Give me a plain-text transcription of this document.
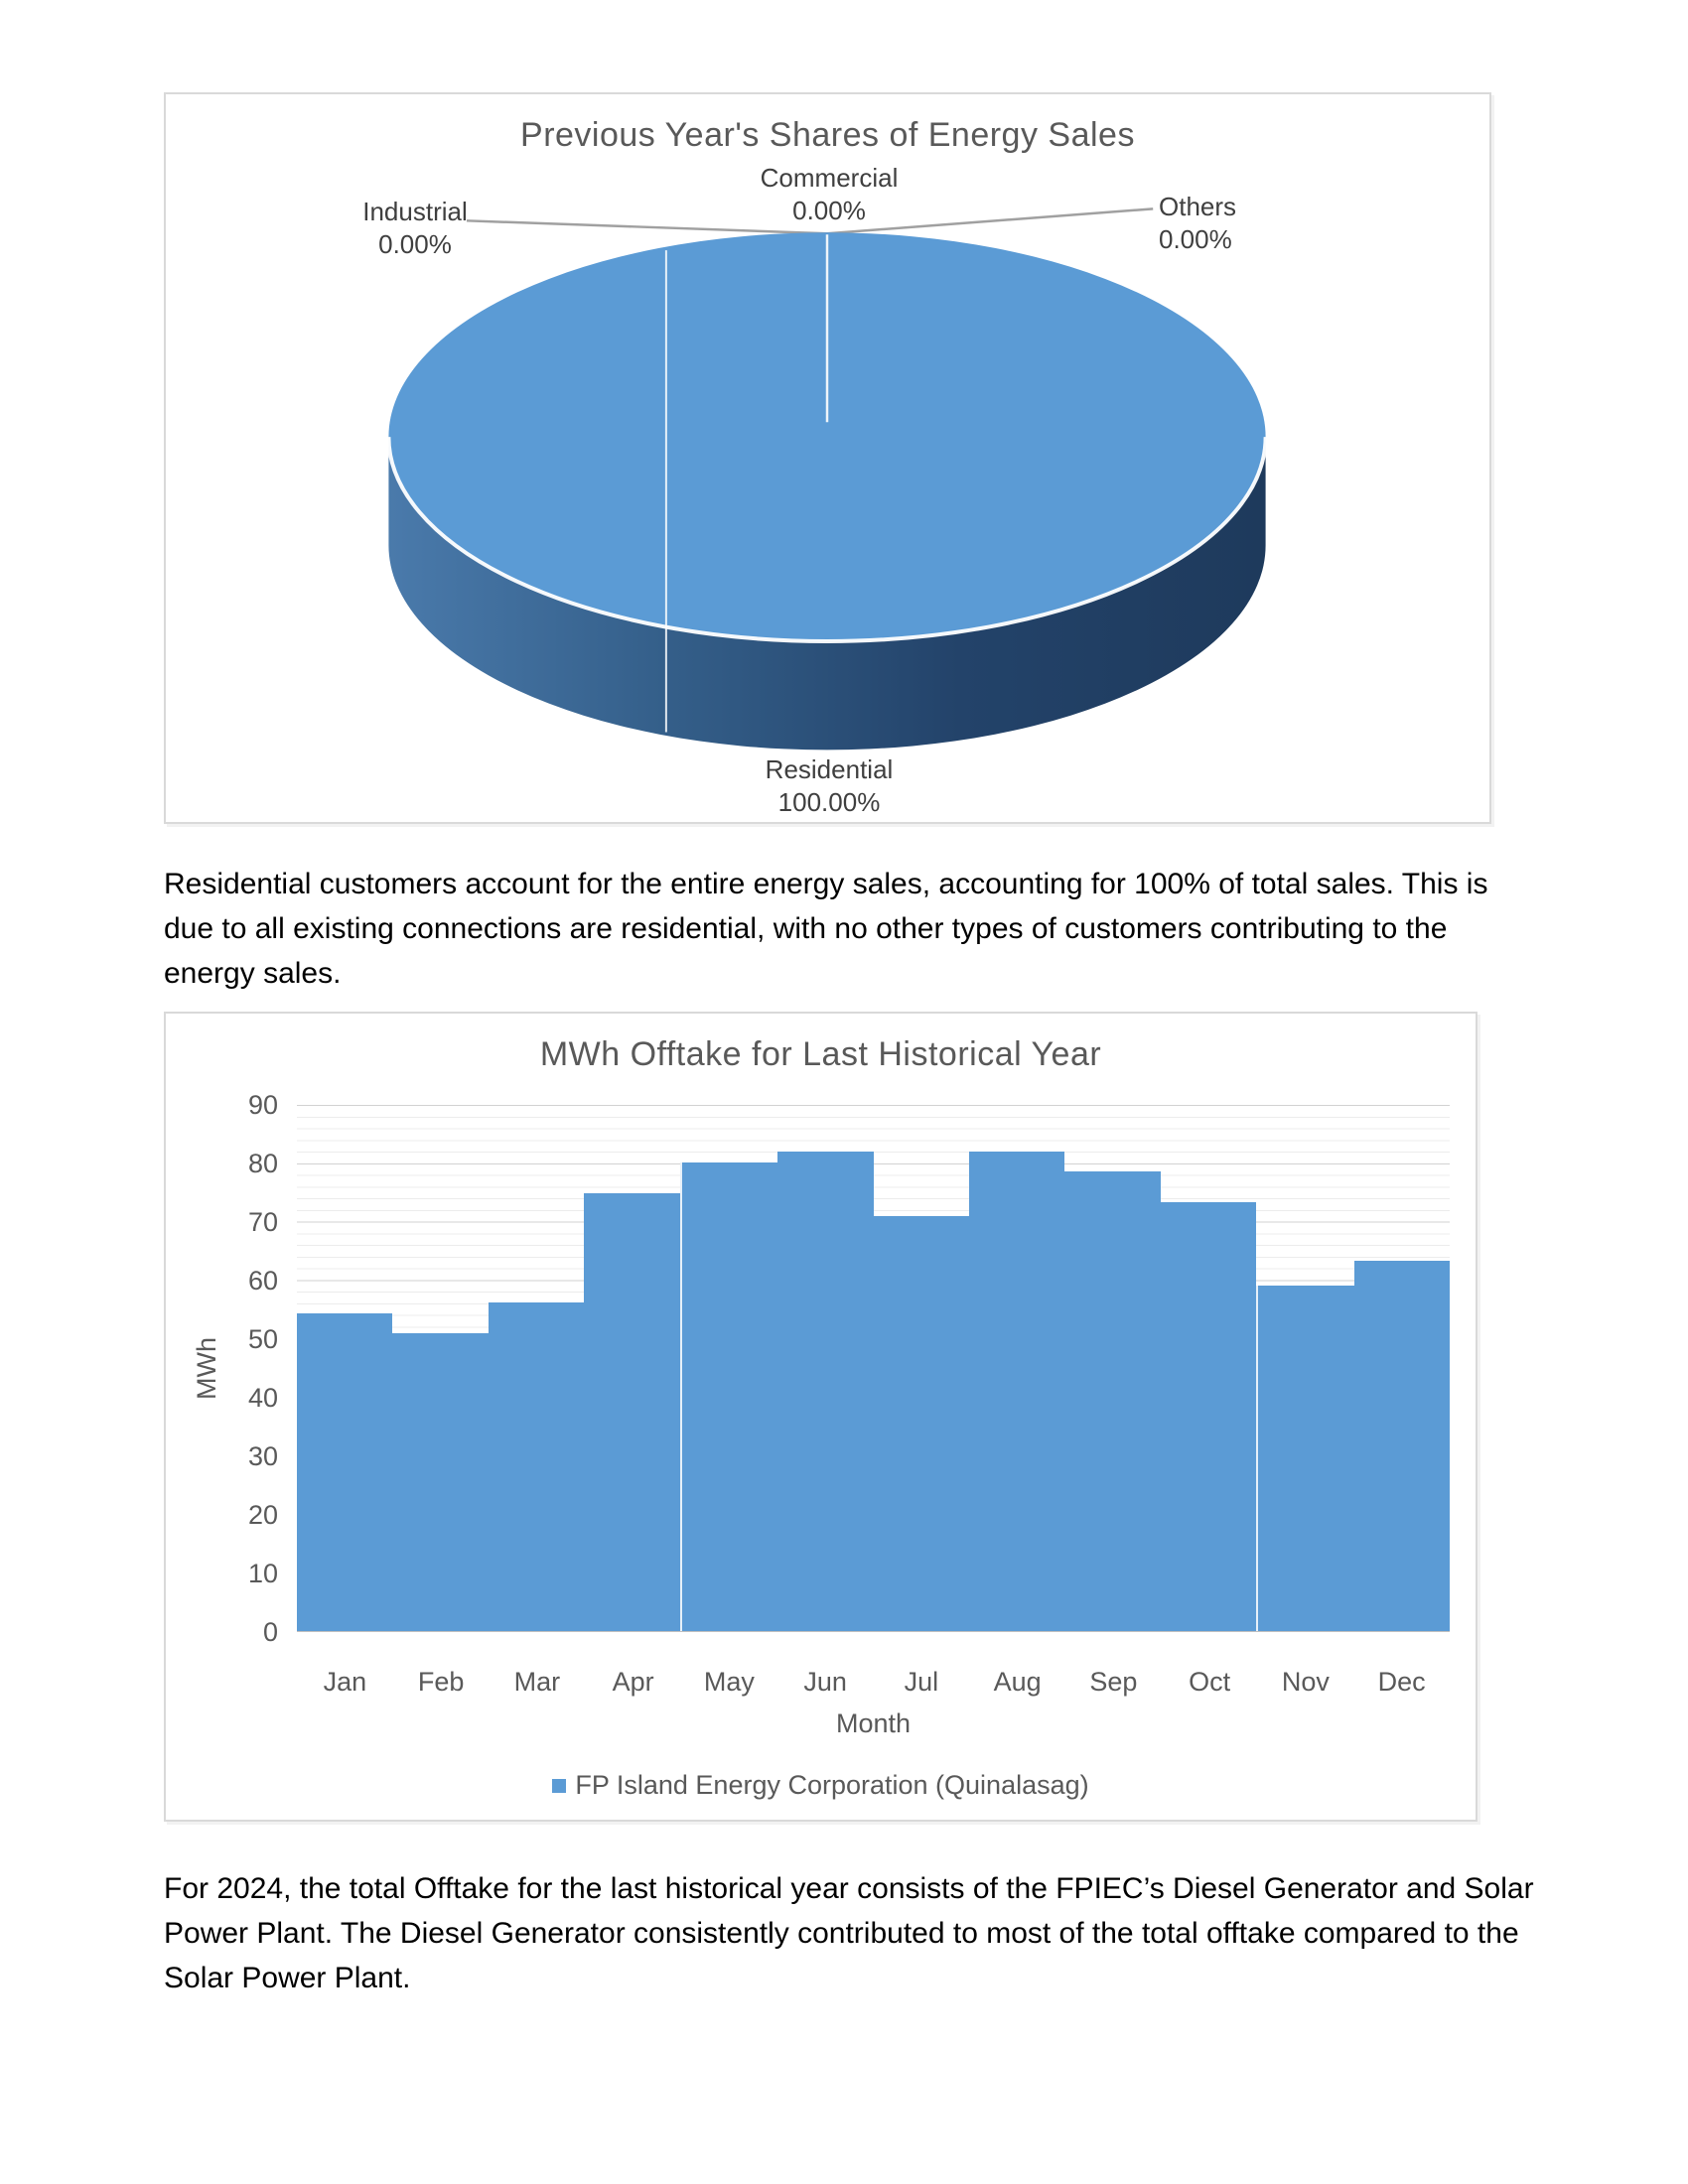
Previous Year's Shares of Energy Sales
Commercial
0.00%
Industrial
0.00%
Others
0.00%
Residential
100.00%
Residential customers account for the entire energy sales, accounting for 100% of total sales. This is due to all existing connections are residential, with no other types of customers contributing to the energy sales.
MWh Offtake for Last Historical Year
MWh
0
10
20
30
40
50
60
70
80
90
Jan	Feb	Mar	Apr	May	Jun	Jul	Aug	Sep	Oct	Nov	Dec
Month
FP Island Energy Corporation (Quinalasag)
For 2024, the total Offtake for the last historical year consists of the FPIEC’s Diesel Generator and Solar Power Plant. The Diesel Generator consistently contributed to most of the total offtake compared to the Solar Power Plant.
